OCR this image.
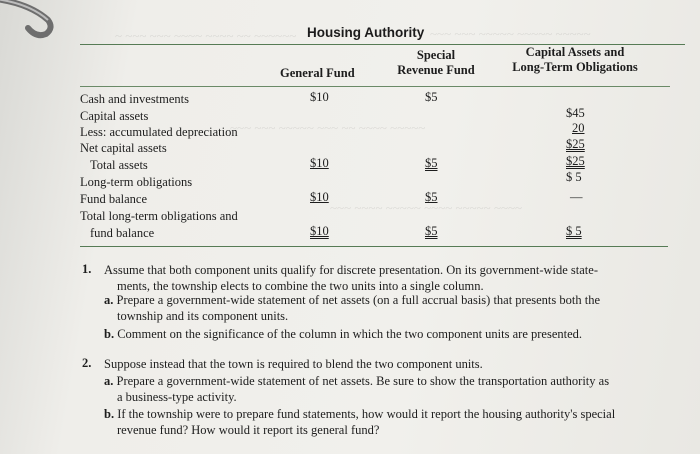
~ ~~~ ~~~ ~~~~ ~~~~ ~~ ~~~~~~	~~~ ~~~ ~~~~~ ~~~~~ ~~~~~
~~~ ~~~ ~~~~~ ~~~ ~~ ~~~~ ~~~~~
~~~ ~~~~ ~~~~~ ~~~~ ~~~~~ ~~~~
Housing Authority
General Fund
Special
Revenue Fund
Capital Assets and
Long-Term Obligations
Cash and investments
Capital assets
Less: accumulated depreciation
Net capital assets
Total assets
Long-term obligations
Fund balance
Total long-term obligations and
fund balance
$10
$10
$10
$10
$5
$5
$5
$5
$45
20
$25
$25
$ 5
—
$ 5
1. Assume that both component units qualify for discrete presentation. On its government-wide state-
ments, the township elects to combine the two units into a single column.
a. Prepare a government-wide statement of net assets (on a full accrual basis) that presents both the
township and its component units.
b. Comment on the significance of the column in which the two component units are presented.
2. Suppose instead that the town is required to blend the two component units.
a. Prepare a government-wide statement of net assets. Be sure to show the transportation authority as
a business-type activity.
b. If the township were to prepare fund statements, how would it report the housing authority's special
revenue fund? How would it report its general fund?
